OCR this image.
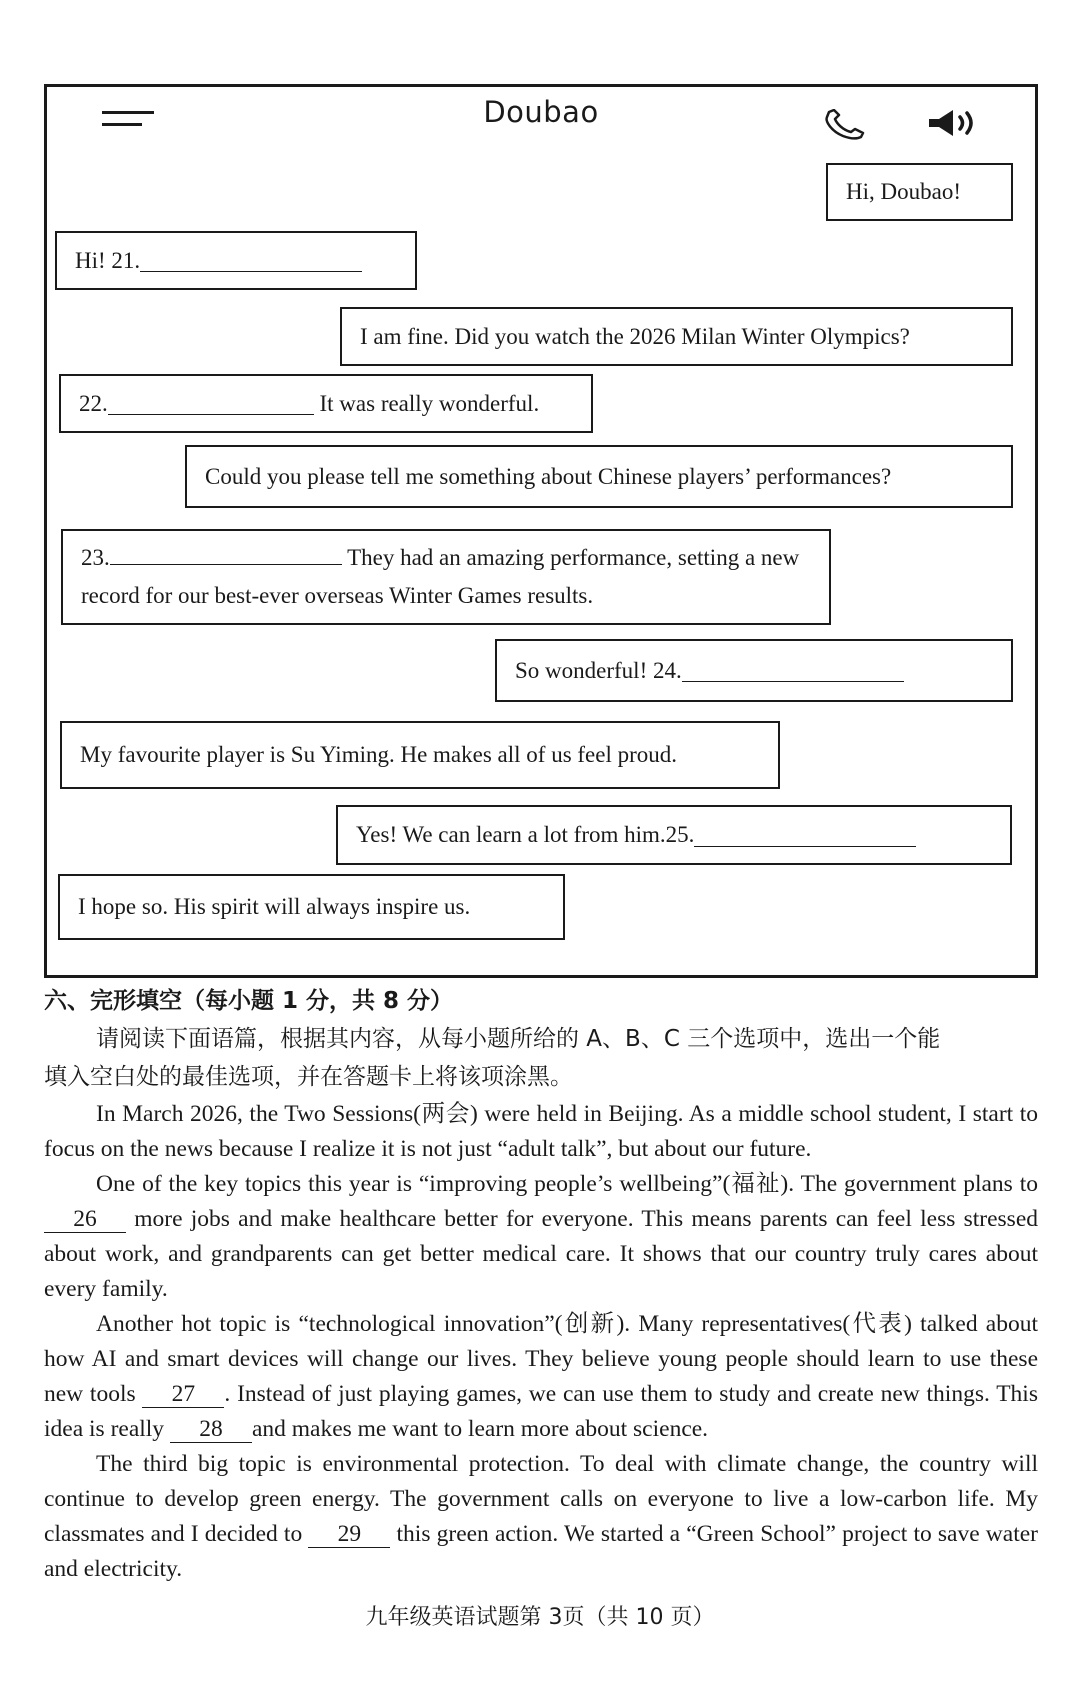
Doubao
Hi, Doubao!
Hi! 21.
I am fine. Did you watch the 2026 Milan Winter Olympics?
22.	It was really wonderful.
Could you please tell me something about Chinese players’ performances?
23.	They had an amazing performance, setting a new
record for our best-ever overseas Winter Games results.
So wonderful! 24.
My favourite player is Su Yiming. He makes all of us feel proud.
Yes! We can learn a lot from him.25.
I hope so. His spirit will always inspire us.
六、完形填空（每小题 1 分，共 8 分）
请阅读下面语篇，根据其内容，从每小题所给的 A、B、C 三个选项中，选出一个能
填入空白处的最佳选项，并在答题卡上将该项涂黑。
In March 2026, the Two Sessions(两会) were held in Beijing. As a middle school student, I start to focus on the news because I realize it is not just “adult talk”, but about our future.
One of the key topics this year is “improving people’s wellbeing”(福祉). The government plans to 26 more jobs and make healthcare better for everyone. This means parents can feel less stressed about work, and grandparents can get better medical care. It shows that our country truly cares about every family.
Another hot topic is “technological innovation”(创新). Many representatives(代表) talked about how AI and smart devices will change our lives. They believe young people should learn to use these new tools 27 . Instead of just playing games, we can use them to study and create new things. This idea is really 28 and makes me want to learn more about science.
The third big topic is environmental protection. To deal with climate change, the country will continue to develop green energy. The government calls on everyone to live a low-carbon life. My classmates and I decided to 29 this green action. We started a “Green School” project to save water and electricity.
九年级英语试题第 3页（共 10 页）
